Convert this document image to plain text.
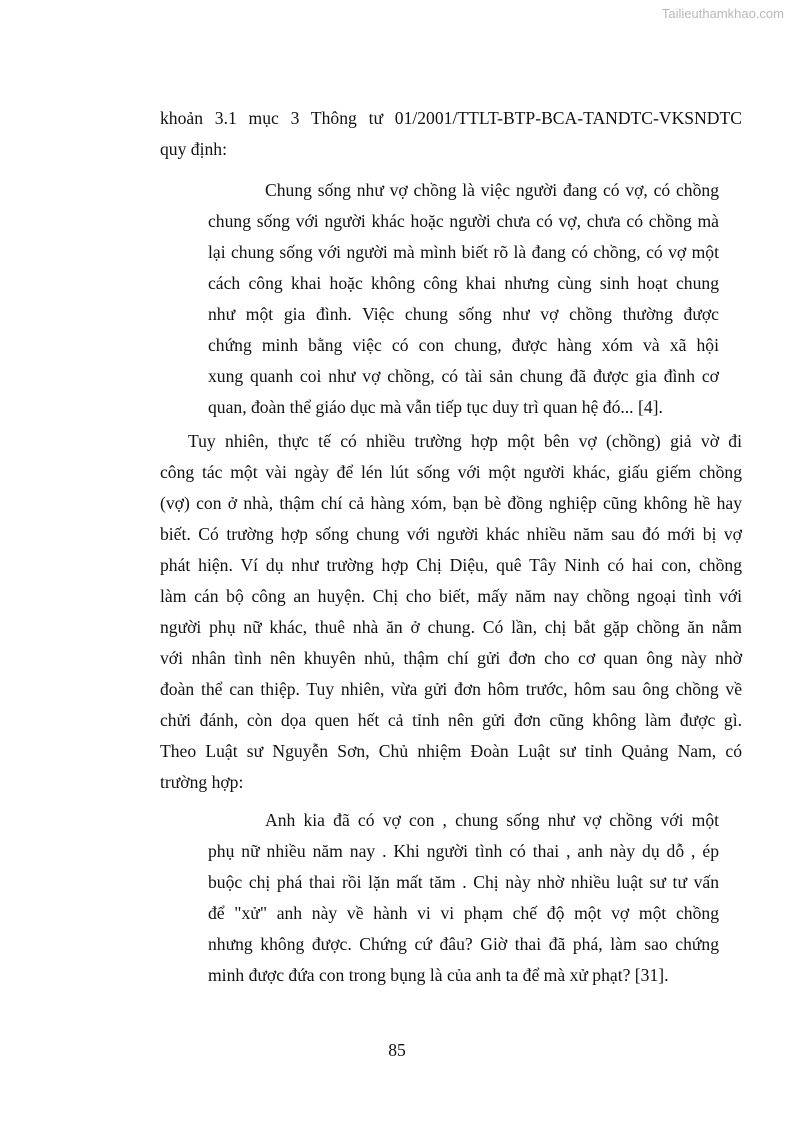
Tailieuthamkhao.com
khoản 3.1 mục 3 Thông tư 01/2001/TTLT-BTP-BCA-TANDTC-VKSNDTC
quy định:
Chung sống như vợ chồng là việc người đang có vợ, có chồng
chung sống với người khác hoặc người chưa có vợ, chưa có chồng mà
lại chung sống với người mà mình biết rõ là đang có chồng, có vợ một
cách công khai hoặc không công khai nhưng cùng sinh hoạt chung
như một gia đình. Việc chung sống như vợ chồng thường được
chứng minh bằng việc có con chung, được hàng xóm và xã hội
xung quanh coi như vợ chồng, có tài sản chung đã được gia đình cơ
quan, đoàn thể giáo dục mà vẫn tiếp tục duy trì quan hệ đó... [4].
Tuy nhiên, thực tế có nhiều trường hợp một bên vợ (chồng) giả vờ đi
công tác một vài ngày để lén lút sống với một người khác, giấu giếm chồng
(vợ) con ở nhà, thậm chí cả hàng xóm, bạn bè đồng nghiệp cũng không hề hay
biết. Có trường hợp sống chung với người khác nhiều năm sau đó mới bị vợ
phát hiện. Ví dụ như trường hợp Chị Diệu, quê Tây Ninh có hai con, chồng
làm cán bộ công an huyện. Chị cho biết, mấy năm nay chồng ngoại tình với
người phụ nữ khác, thuê nhà ăn ở chung. Có lần, chị bắt gặp chồng ăn nằm
với nhân tình nên khuyên nhủ, thậm chí gửi đơn cho cơ quan ông này nhờ
đoàn thể can thiệp. Tuy nhiên, vừa gửi đơn hôm trước, hôm sau ông chồng về
chửi đánh, còn dọa quen hết cả tỉnh nên gửi đơn cũng không làm được gì.
Theo Luật sư Nguyễn Sơn, Chủ nhiệm Đoàn Luật sư tỉnh Quảng Nam, có
trường hợp:
Anh kia đã có vợ con , chung sống như vợ chồng với một
phụ nữ nhiều năm nay . Khi người tình có thai , anh này dụ dỗ , ép
buộc chị phá thai rồi lặn mất tăm . Chị này nhờ nhiều luật sư tư vấn
để "xử" anh này về hành vi vi phạm chế độ một vợ một chồng
nhưng không được. Chứng cứ đâu? Giờ thai đã phá, làm sao chứng
minh được đứa con trong bụng là của anh ta để mà xử phạt? [31].
85
